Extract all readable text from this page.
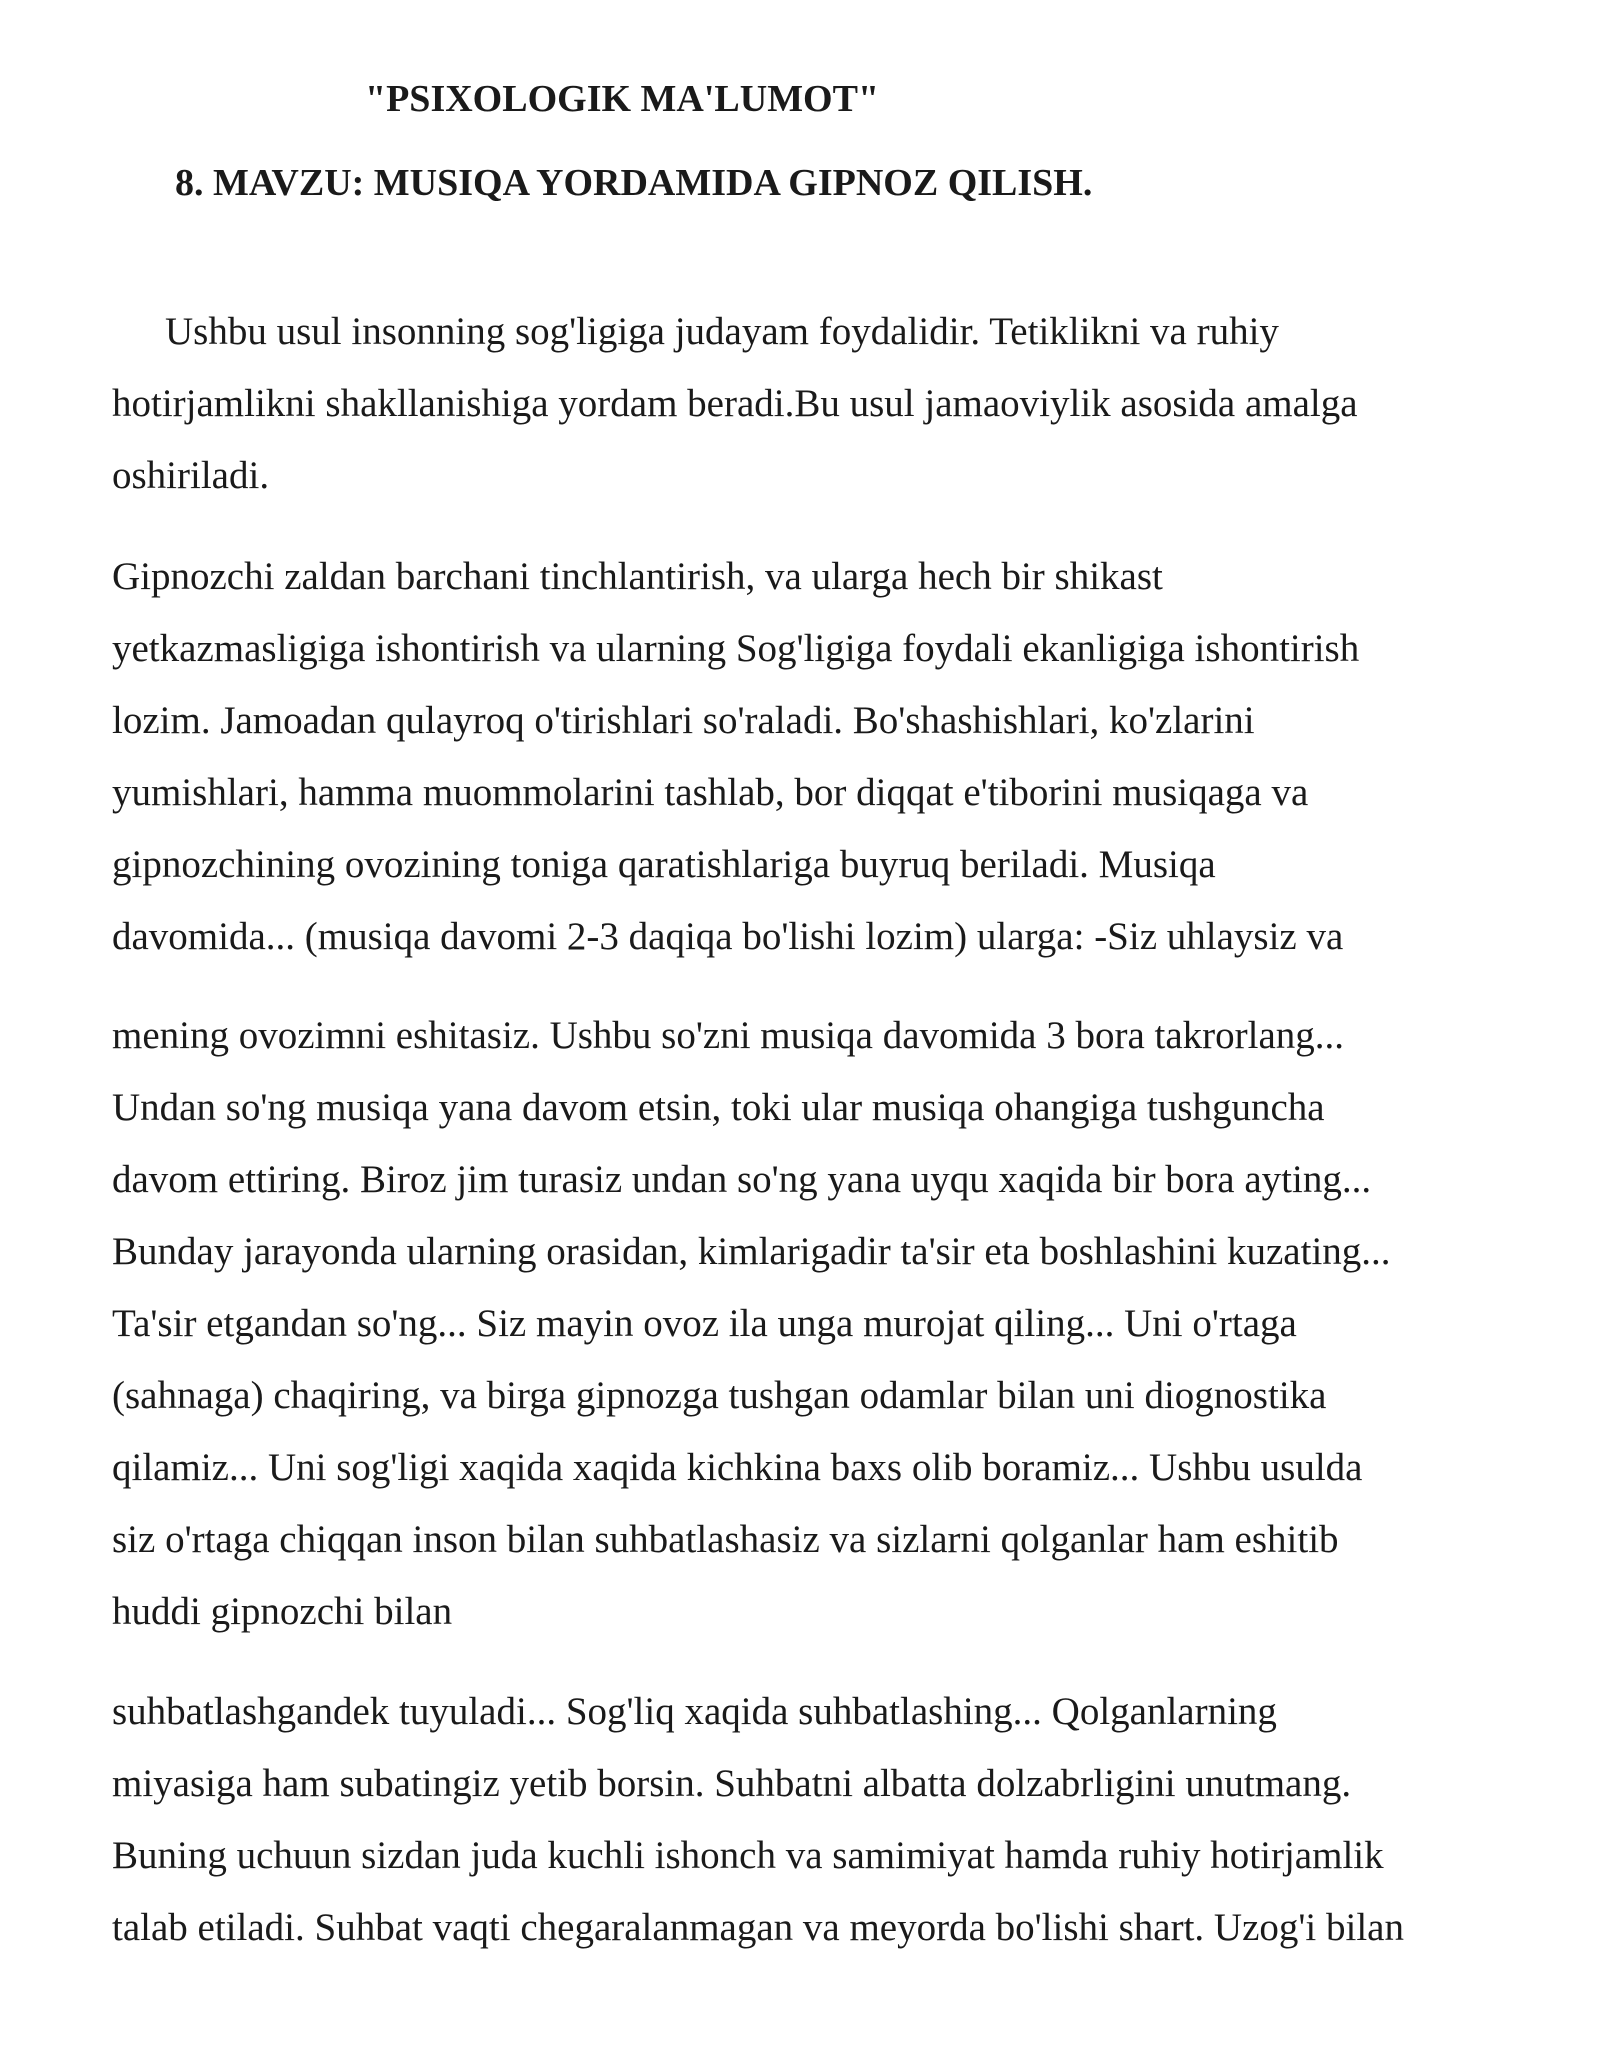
"PSIXOLOGIK MA'LUMOT"
8. MAVZU: MUSIQA YORDAMIDA GIPNOZ QILISH.
Ushbu usul insonning sog'ligiga judayam foydalidir. Tetiklikni va ruhiy
hotirjamlikni shakllanishiga yordam beradi.Bu usul jamaoviylik asosida amalga
oshiriladi.
Gipnozchi zaldan barchani tinchlantirish, va ularga hech bir shikast
yetkazmasligiga ishontirish va ularning Sog'ligiga foydali ekanligiga ishontirish
lozim. Jamoadan qulayroq o'tirishlari so'raladi. Bo'shashishlari, ko'zlarini
yumishlari, hamma muommolarini tashlab, bor diqqat e'tiborini musiqaga va
gipnozchining ovozining toniga qaratishlariga buyruq beriladi. Musiqa
davomida... (musiqa davomi 2-3 daqiqa bo'lishi lozim) ularga: -Siz uhlaysiz va
mening ovozimni eshitasiz. Ushbu so'zni musiqa davomida 3 bora takrorlang...
Undan so'ng musiqa yana davom etsin, toki ular musiqa ohangiga tushguncha
davom ettiring. Biroz jim turasiz undan so'ng yana uyqu xaqida bir bora ayting...
Bunday jarayonda ularning orasidan, kimlarigadir ta'sir eta boshlashini kuzating...
Ta'sir etgandan so'ng... Siz mayin ovoz ila unga murojat qiling... Uni o'rtaga
(sahnaga) chaqiring, va birga gipnozga tushgan odamlar bilan uni diognostika
qilamiz... Uni sog'ligi xaqida xaqida kichkina baxs olib boramiz... Ushbu usulda
siz o'rtaga chiqqan inson bilan suhbatlashasiz va sizlarni qolganlar ham eshitib
huddi gipnozchi bilan
suhbatlashgandek tuyuladi... Sog'liq xaqida suhbatlashing... Qolganlarning
miyasiga ham subatingiz yetib borsin. Suhbatni albatta dolzabrligini unutmang.
Buning uchuun sizdan juda kuchli ishonch va samimiyat hamda ruhiy hotirjamlik
talab etiladi. Suhbat vaqti chegaralanmagan va meyorda bo'lishi shart. Uzog'i bilan
